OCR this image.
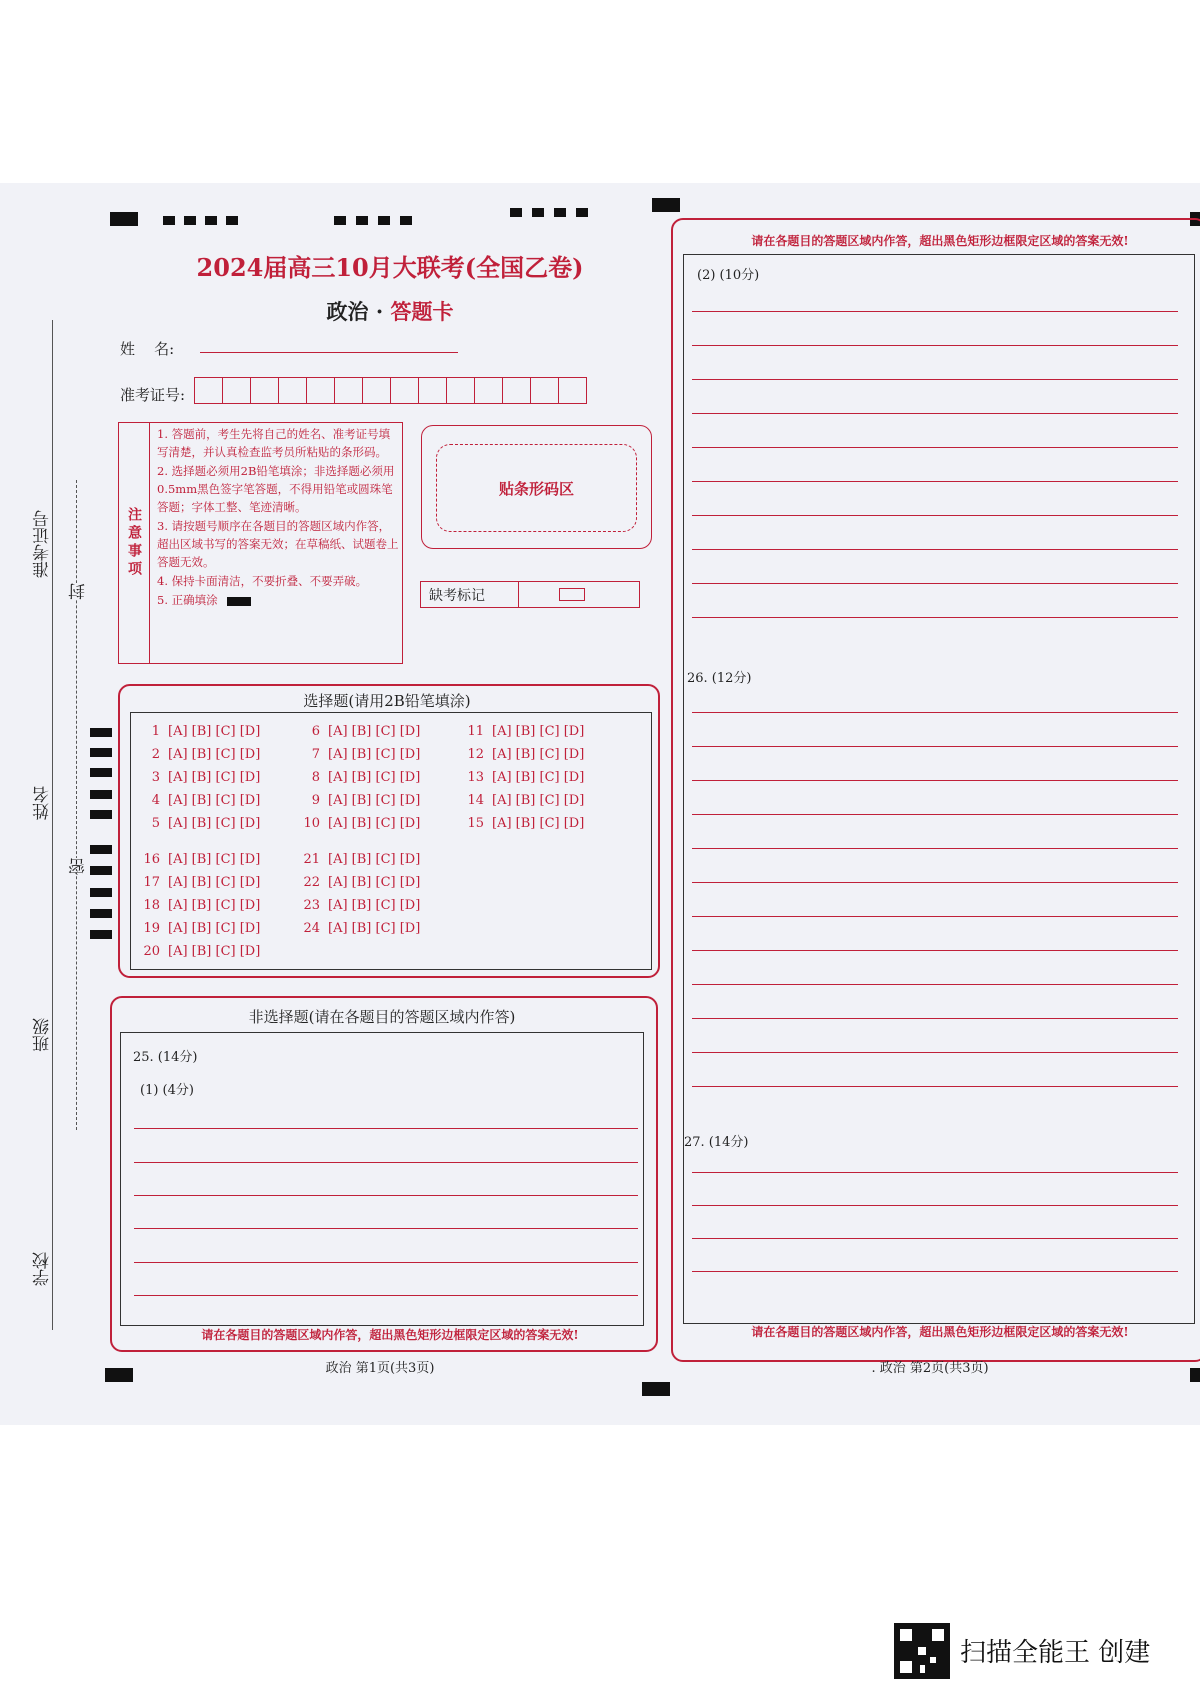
准考证号
封
姓名
密
班级
学校
2024届高三10月大联考(全国乙卷)
政治 · 答题卡
姓    名:
准考证号:
注意事项

1. 答题前，考生先将自己的姓名、准考证号填写清楚，并认真检查监考员所粘贴的条形码。

2. 选择题必须用2B铅笔填涂；非选择题必须用0.5mm黑色签字笔答题，不得用铅笔或圆珠笔答题；字体工整、笔迹清晰。

3. 请按题号顺序在各题目的答题区域内作答，超出区域书写的答案无效；在草稿纸、试题卷上答题无效。

4. 保持卡面清洁，不要折叠、不要弄破。

5. 正确填涂

贴条形码区
缺考标记
选择题(请用2B铅笔填涂)
1 [A] [B] [C] [D]
2 [A] [B] [C] [D]
3 [A] [B] [C] [D]
4 [A] [B] [C] [D]
5 [A] [B] [C] [D]
6 [A] [B] [C] [D]
7 [A] [B] [C] [D]
8 [A] [B] [C] [D]
9 [A] [B] [C] [D]
10 [A] [B] [C] [D]
11 [A] [B] [C] [D]
12 [A] [B] [C] [D]
13 [A] [B] [C] [D]
14 [A] [B] [C] [D]
15 [A] [B] [C] [D]
16 [A] [B] [C] [D]
17 [A] [B] [C] [D]
18 [A] [B] [C] [D]
19 [A] [B] [C] [D]
20 [A] [B] [C] [D]
21 [A] [B] [C] [D]
22 [A] [B] [C] [D]
23 [A] [B] [C] [D]
24 [A] [B] [C] [D]
非选择题(请在各题目的答题区域内作答)
25. (14分)
(1) (4分)
请在各题目的答题区域内作答，超出黑色矩形边框限定区域的答案无效!
政治 第1页(共3页)
请在各题目的答题区域内作答，超出黑色矩形边框限定区域的答案无效!
(2) (10分)
26. (12分)
27. (14分)
请在各题目的答题区域内作答，超出黑色矩形边框限定区域的答案无效!
. 政治 第2页(共3页)
扫描全能王 创建
